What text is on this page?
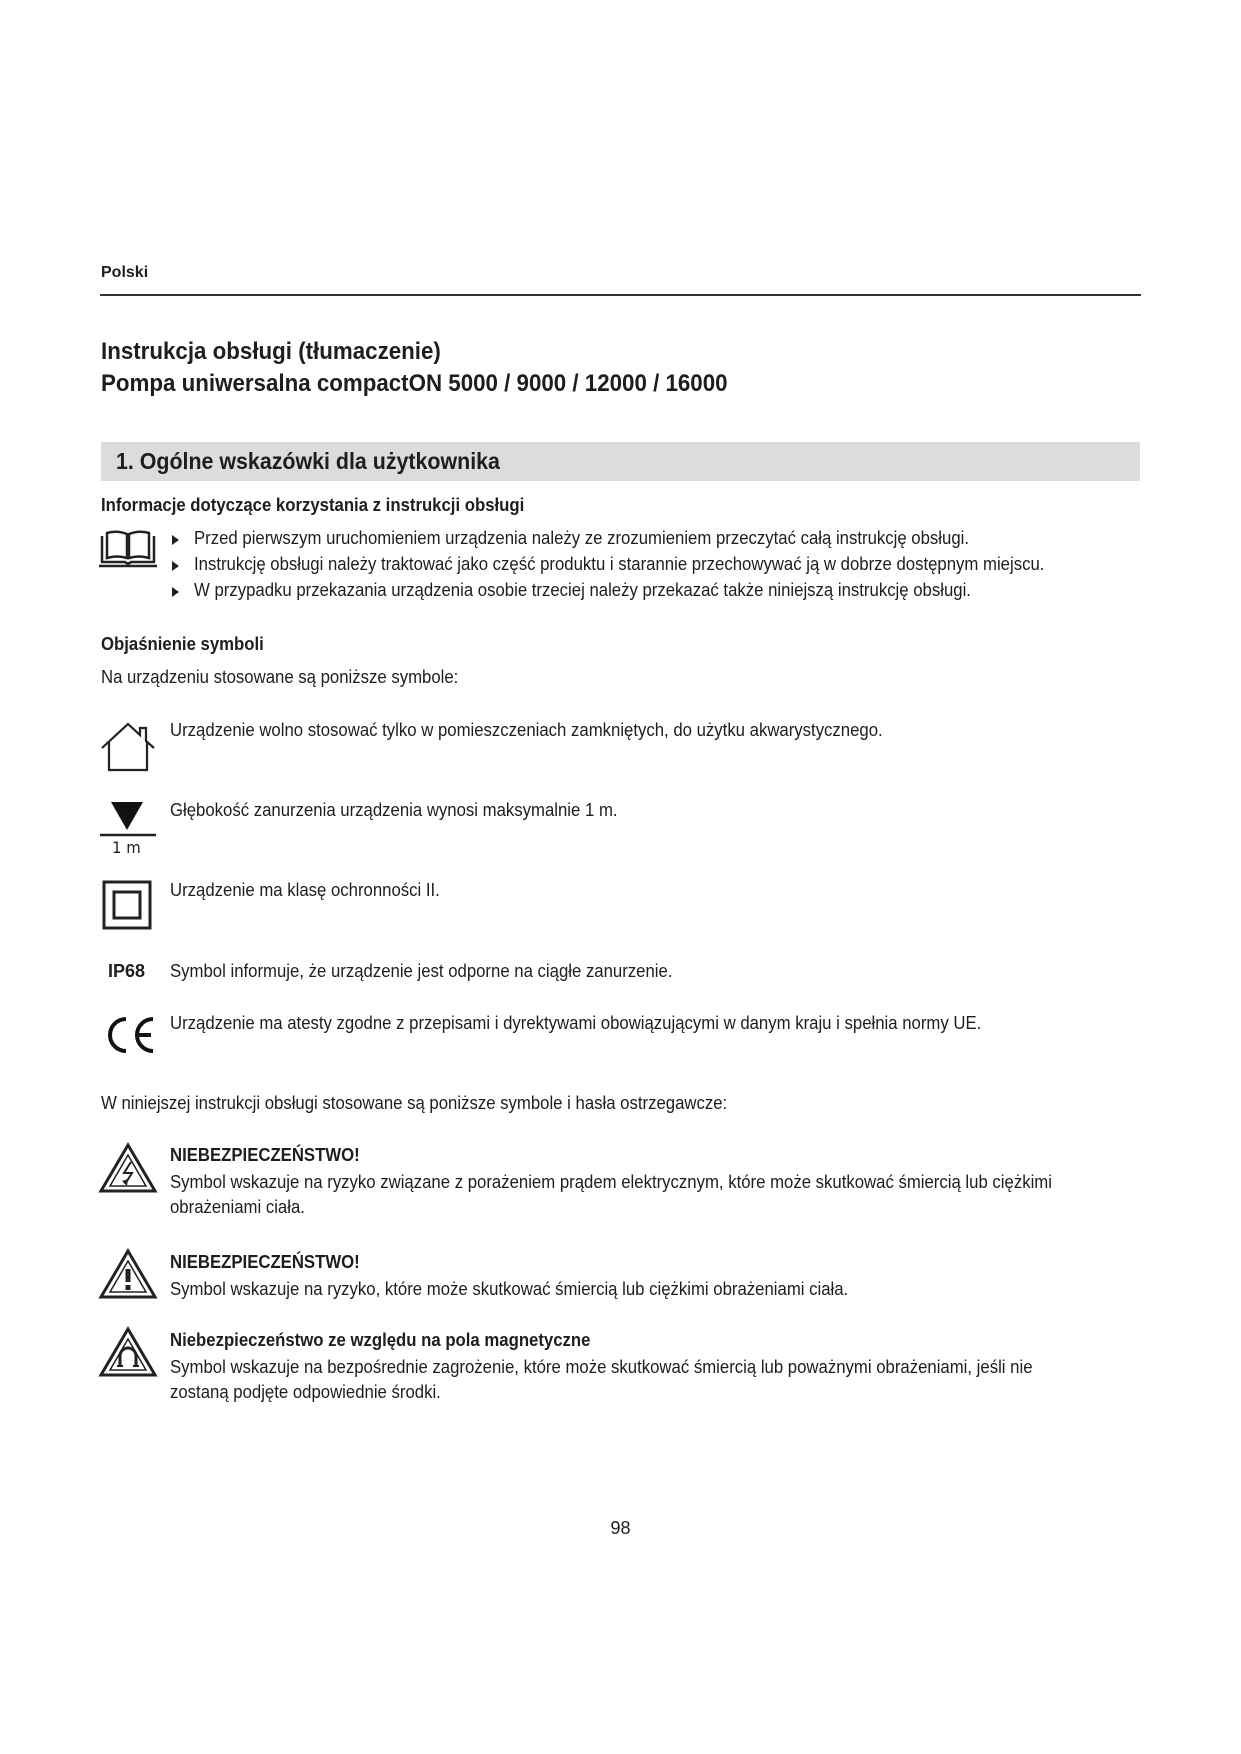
Polski
Instrukcja obsługi (tłumaczenie)
Pompa uniwersalna compactON 5000 / 9000 / 12000 / 16000
1. Ogólne wskazówki dla użytkownika
Informacje dotyczące korzystania z instrukcji obsługi
Przed pierwszym uruchomieniem urządzenia należy ze zrozumieniem przeczytać całą instrukcję obsługi.
Instrukcję obsługi należy traktować jako część produktu i starannie przechowywać ją w dobrze dostępnym miejscu.
W przypadku przekazania urządzenia osobie trzeciej należy przekazać także niniejszą instrukcję obsługi.
Objaśnienie symboli
Na urządzeniu stosowane są poniższe symbole:
Urządzenie wolno stosować tylko w pomieszczeniach zamkniętych, do użytku akwarystycznego.
1 m
Głębokość zanurzenia urządzenia wynosi maksymalnie 1 m.
Urządzenie ma klasę ochronności II.
IP68 Symbol informuje, że urządzenie jest odporne na ciągłe zanurzenie.
Urządzenie ma atesty zgodne z przepisami i dyrektywami obowiązującymi w danym kraju i spełnia normy UE.
W niniejszej instrukcji obsługi stosowane są poniższe symbole i hasła ostrzegawcze:
NIEBEZPIECZEŃSTWO!
Symbol wskazuje na ryzyko związane z porażeniem prądem elektrycznym, które może skutkować śmiercią lub ciężkimi obrażeniami ciała.
NIEBEZPIECZEŃSTWO!
Symbol wskazuje na ryzyko, które może skutkować śmiercią lub ciężkimi obrażeniami ciała.
Niebezpieczeństwo ze względu na pola magnetyczne
Symbol wskazuje na bezpośrednie zagrożenie, które może skutkować śmiercią lub poważnymi obrażeniami, jeśli nie zostaną podjęte odpowiednie środki.
98
